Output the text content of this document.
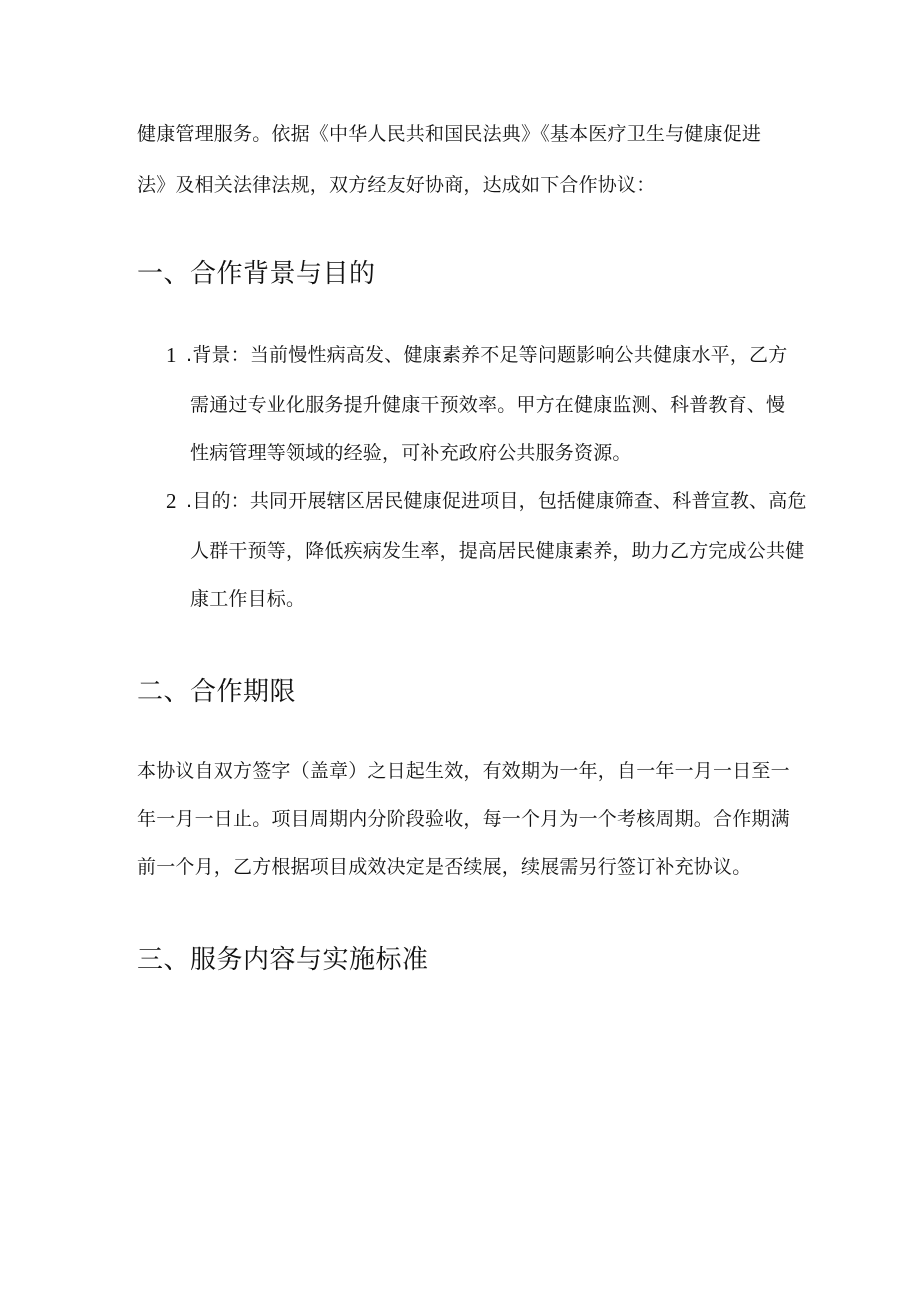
健康管理服务。依据《中华人民共和国民法典》《基本医疗卫生与健康促进
法》及相关法律法规，双方经友好协商，达成如下合作协议：
一、合作背景与目的
1 .背景：当前慢性病高发、健康素养不足等问题影响公共健康水平，乙方
需通过专业化服务提升健康干预效率。甲方在健康监测、科普教育、慢
性病管理等领域的经验，可补充政府公共服务资源。
2 .目的：共同开展辖区居民健康促进项目，包括健康筛查、科普宣教、高危
人群干预等，降低疾病发生率，提高居民健康素养，助力乙方完成公共健
康工作目标。
二、合作期限
本协议自双方签字（盖章）之日起生效，有效期为一年，自一年一月一日至一
年一月一日止。项目周期内分阶段验收，每一个月为一个考核周期。合作期满
前一个月，乙方根据项目成效决定是否续展，续展需另行签订补充协议。
三、服务内容与实施标准
